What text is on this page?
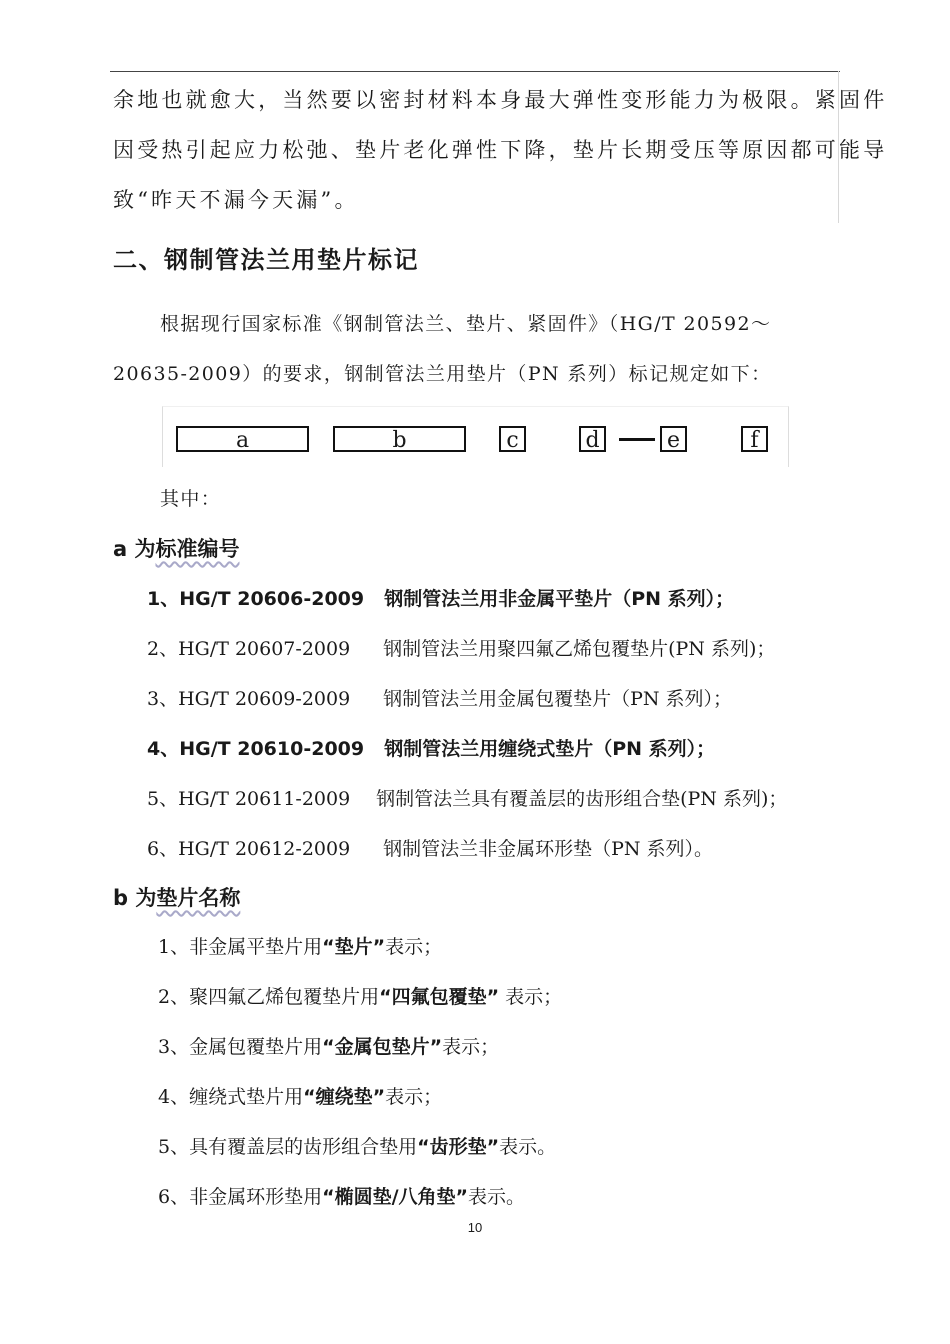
余地也就愈大，当然要以密封材料本身最大弹性变形能力为极限。紧固件
因受热引起应力松弛、垫片老化弹性下降，垫片长期受压等原因都可能导
致“昨天不漏今天漏”。
二、钢制管法兰用垫片标记
根据现行国家标准《钢制管法兰、垫片、紧固件》（HG/T 20592～
20635-2009）的要求，钢制管法兰用垫片（PN 系列）标记规定如下：
a	b	c	d	e	f
其中：
a 为标准编号
1、HG/T 20606-2009 钢制管法兰用非金属平垫片（PN 系列）；
2、HG/T 20607-2009 钢制管法兰用聚四氟乙烯包覆垫片(PN 系列)；
3、HG/T 20609-2009 钢制管法兰用金属包覆垫片（PN 系列）；
4、HG/T 20610-2009 钢制管法兰用缠绕式垫片（PN 系列）；
5、HG/T 20611-2009 钢制管法兰具有覆盖层的齿形组合垫(PN 系列)；
6、HG/T 20612-2009 钢制管法兰非金属环形垫（PN 系列）。
b 为垫片名称
1、非金属平垫片用“垫片”表示；
2、聚四氟乙烯包覆垫片用“四氟包覆垫” 表示；
3、金属包覆垫片用“金属包垫片”表示；
4、缠绕式垫片用“缠绕垫”表示；
5、具有覆盖层的齿形组合垫用“齿形垫”表示。
6、非金属环形垫用“椭圆垫/八角垫”表示。
10
